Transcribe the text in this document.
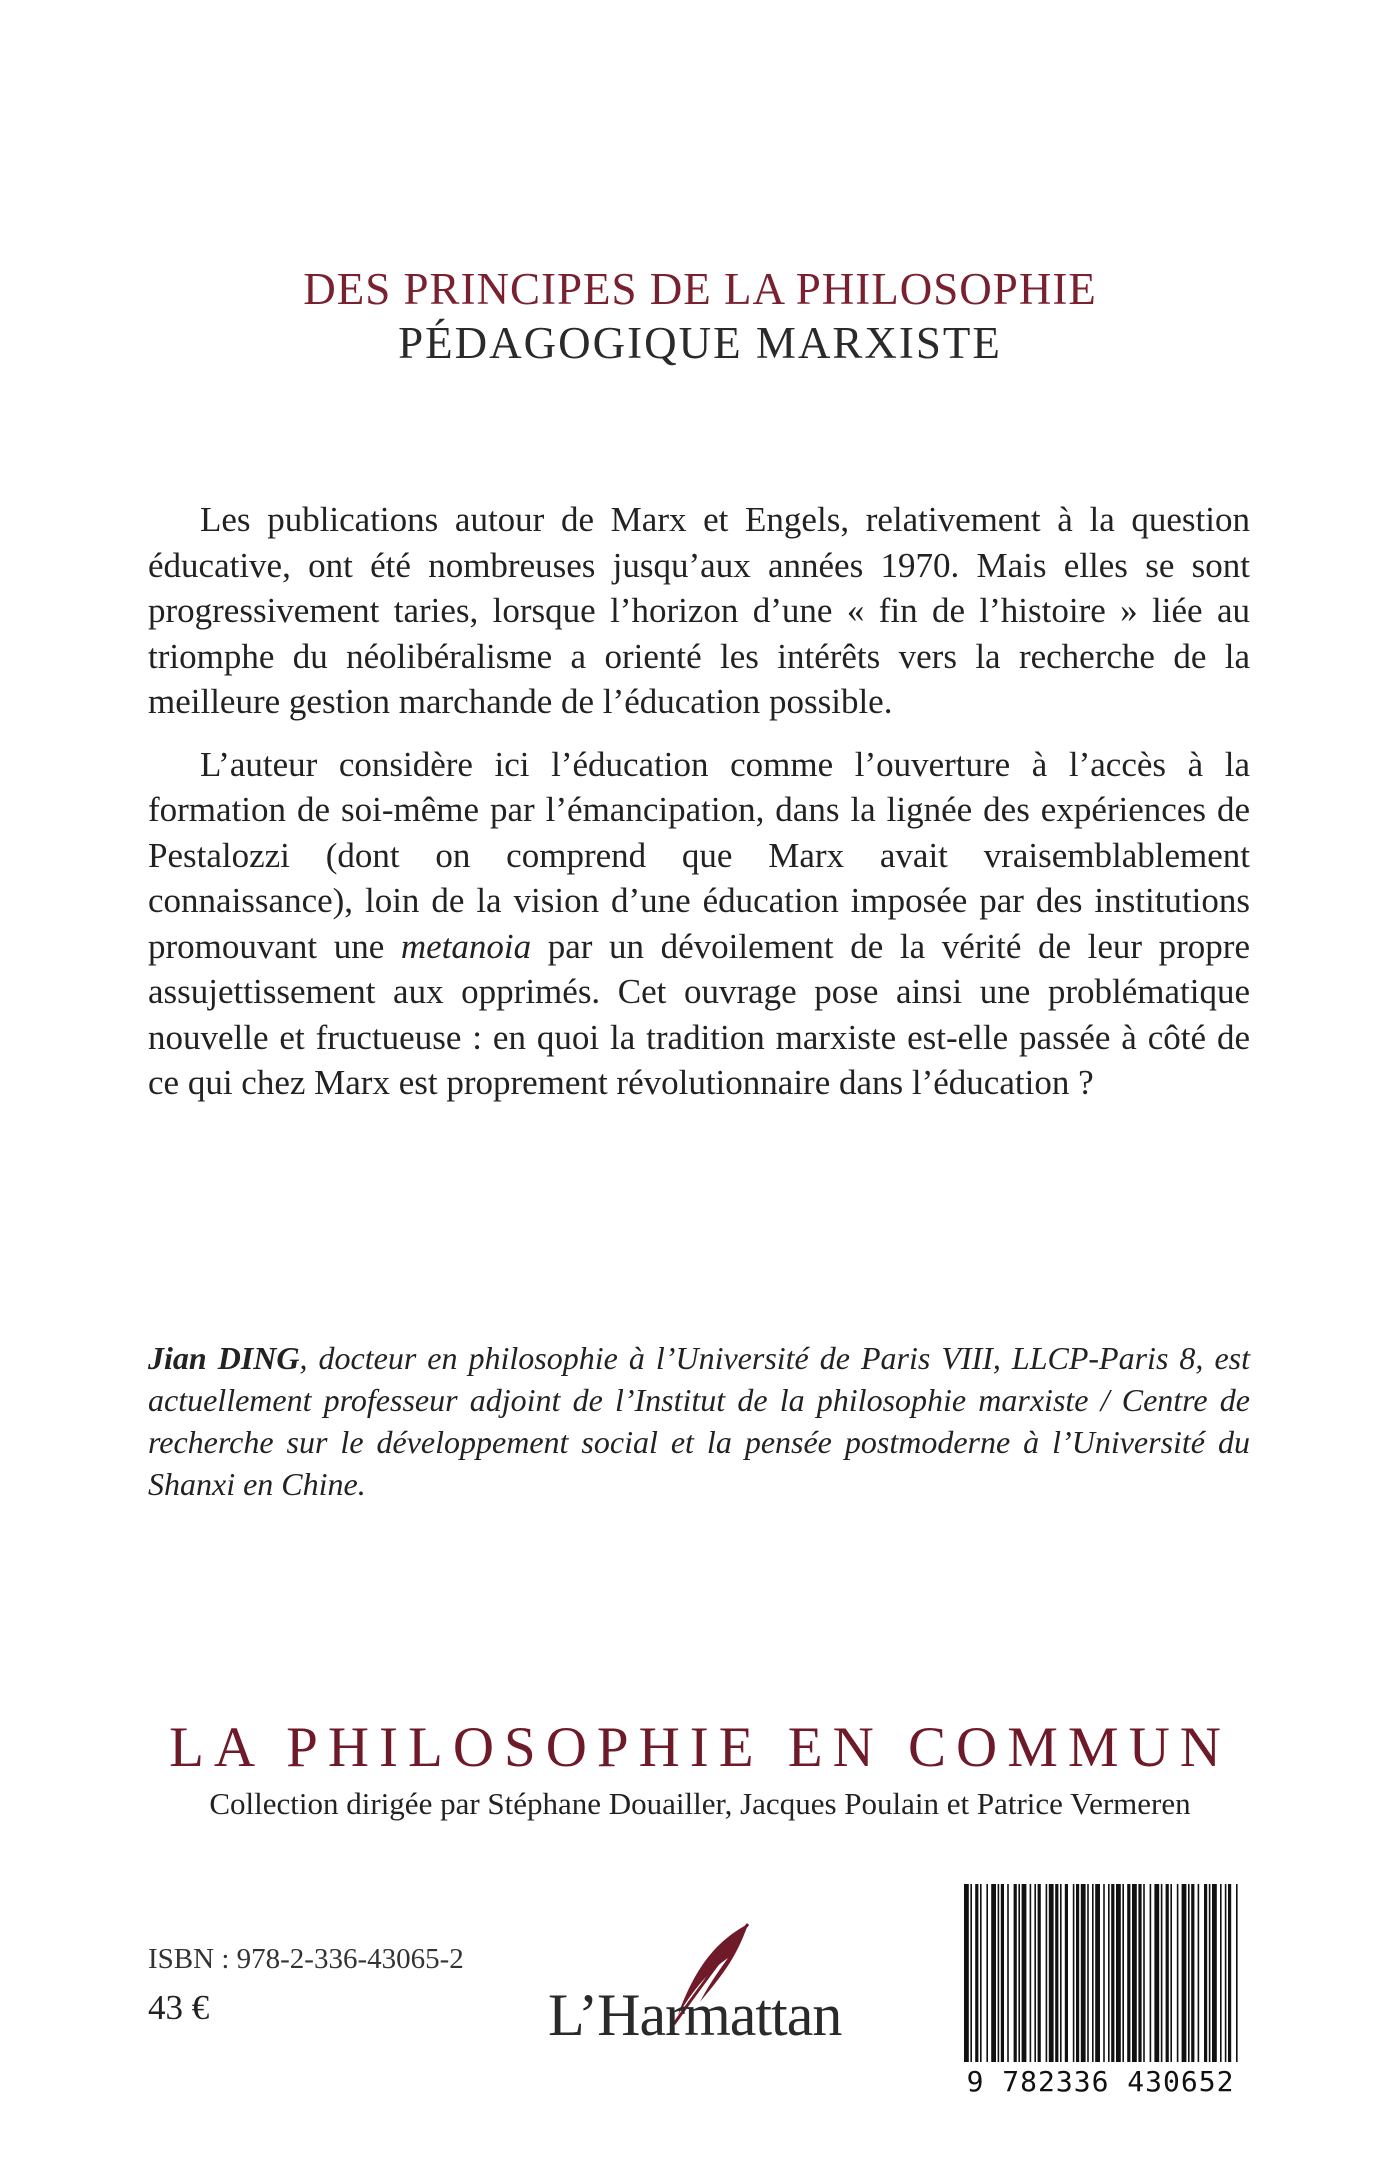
DES PRINCIPES DE LA PHILOSOPHIE
PÉDAGOGIQUE MARXISTE

Les publications autour de Marx et Engels, relativement à la question éducative, ont été nombreuses jusqu’aux années 1970. Mais elles se sont progressivement taries, lorsque l’horizon d’une « fin de l’histoire » liée au triomphe du néolibéralisme a orienté les intérêts vers la recherche de la meilleure gestion marchande de l’éducation possible.

L’auteur considère ici l’éducation comme l’ouverture à l’accès à la formation de soi-même par l’émancipation, dans la lignée des expériences de Pestalozzi (dont on comprend que Marx avait vraisemblablement connaissance), loin de la vision d’une éducation imposée par des institutions promouvant une metanoia par un dévoilement de la vérité de leur propre assujettissement aux opprimés. Cet ouvrage pose ainsi une problématique nouvelle et fructueuse : en quoi la tradition marxiste est-elle passée à côté de ce qui chez Marx est proprement révolutionnaire dans l’éducation ?

Jian DING, docteur en philosophie à l’Université de Paris VIII, LLCP-Paris 8, est actuellement professeur adjoint de l’Institut de la philosophie marxiste / Centre de recherche sur le développement social et la pensée postmoderne à l’Université du Shanxi en Chine.
LA PHILOSOPHIE EN COMMUN
Collection dirigée par Stéphane Douailler, Jacques Poulain et Patrice Vermeren
ISBN : 978-2-336-43065-2
43 €	L’Harmattan
9 782336 430652
